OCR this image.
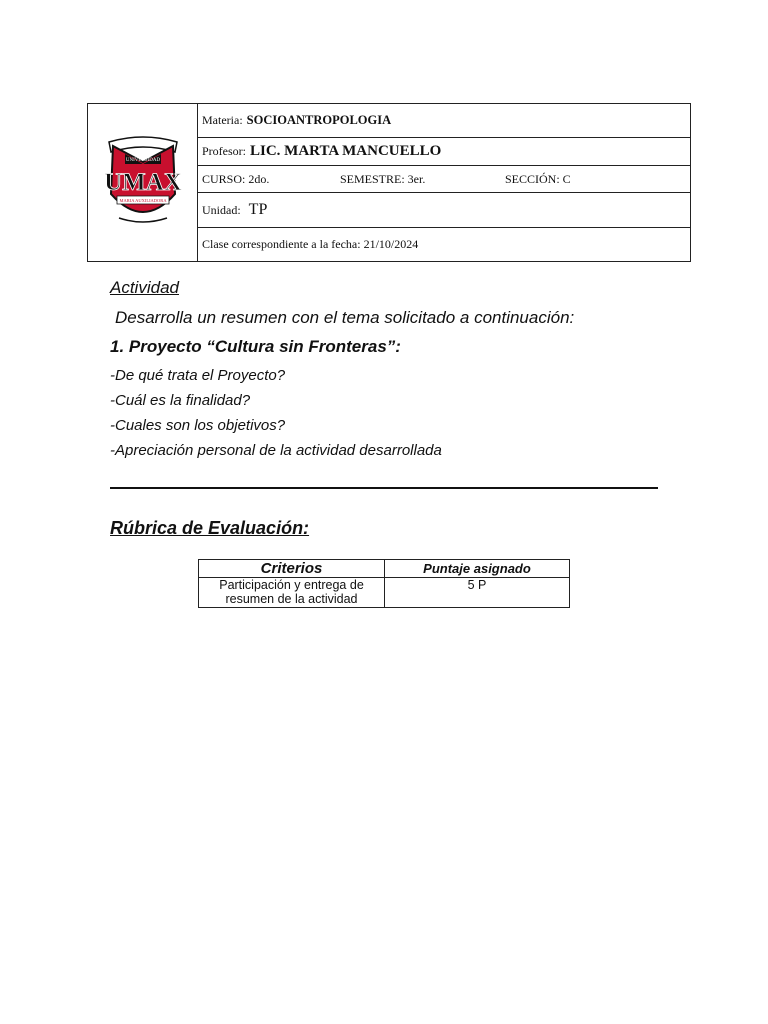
UNIVERSIDAD
UMAX
MARIA AUXILIADORA
Materia: SOCIOANTROPOLOGIA
Profesor: LIC. MARTA MANCUELLO
CURSO: 2do.	SEMESTRE: 3er.	SECCIÓN: C
Unidad: TP
Clase correspondiente a la fecha: 21/10/2024
Actividad
Desarrolla un resumen con el tema solicitado a continuación:
1. Proyecto “Cultura sin Fronteras”:
-De qué trata el Proyecto?
-Cuál es la finalidad?
-Cuales son los objetivos?
-Apreciación personal de la actividad desarrollada
Rúbrica de Evaluación:
Criterios	Puntaje asignado

Participación y entrega de
resumen de la actividad	5 P
